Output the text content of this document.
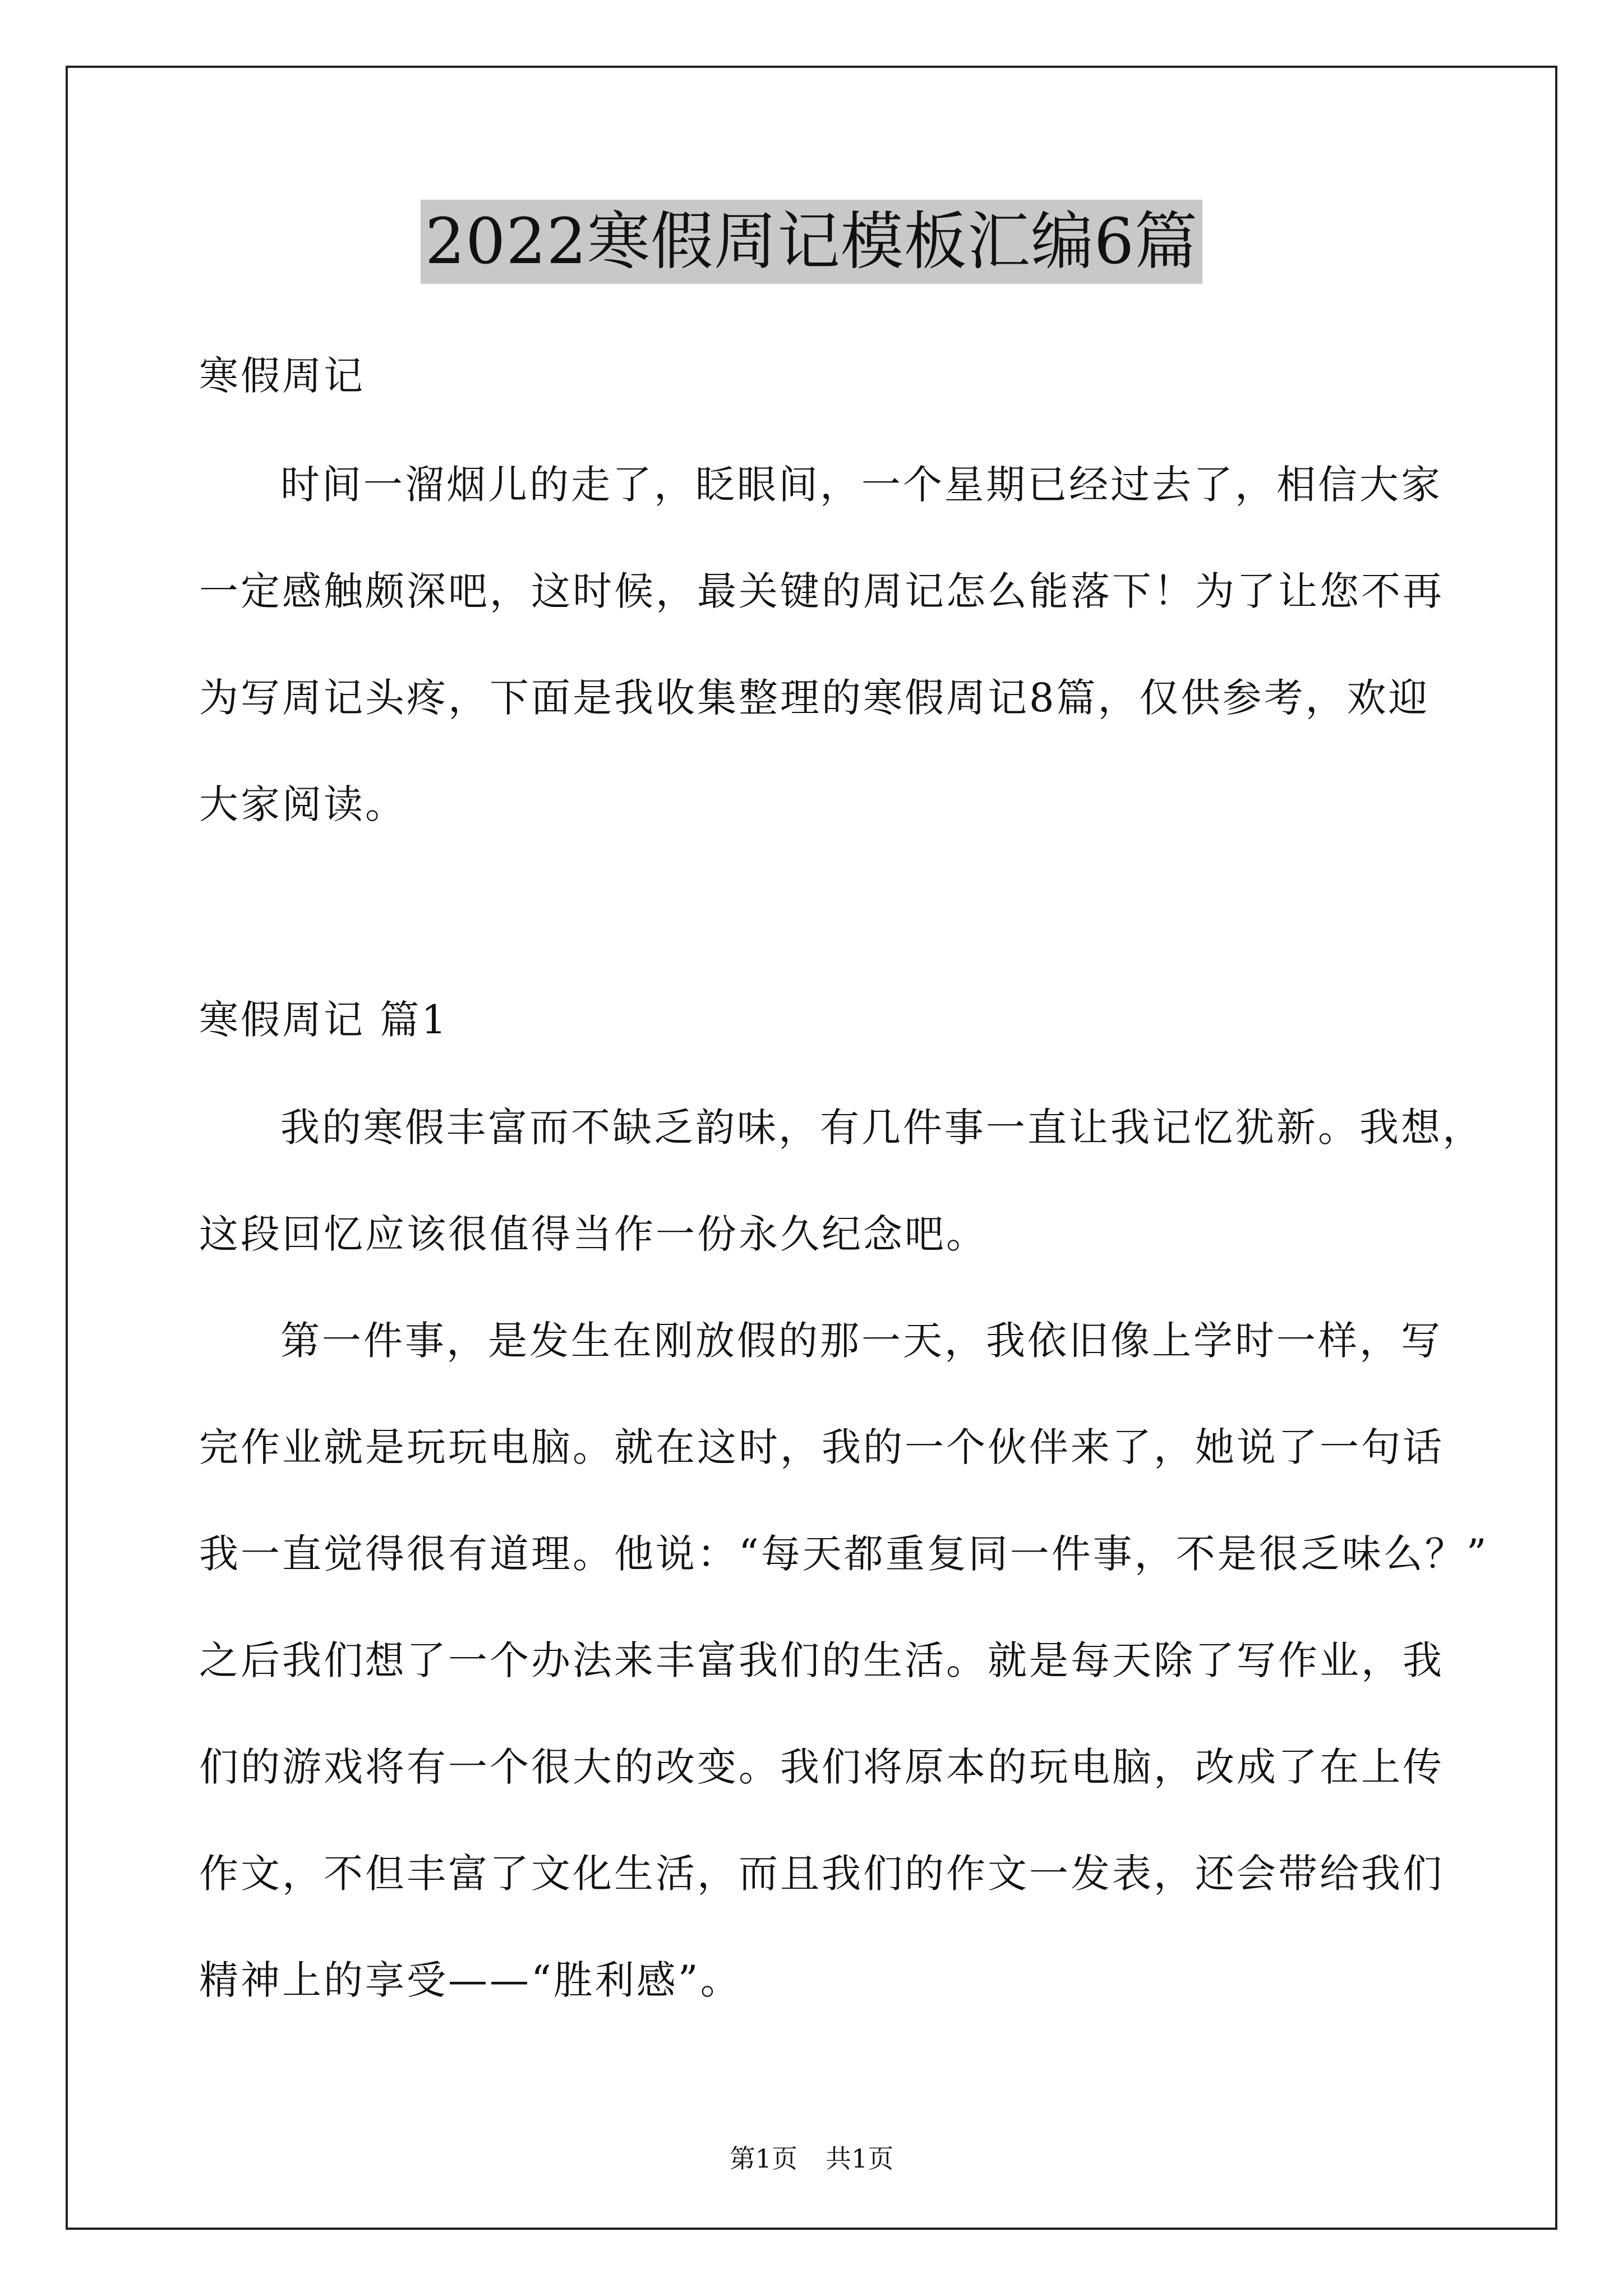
2022寒假周记模板汇编6篇
寒假周记
时间一溜烟儿的走了，眨眼间，一个星期已经过去了，相信大家
一定感触颇深吧，这时候，最关键的周记怎么能落下！为了让您不再
为写周记头疼，下面是我收集整理的寒假周记8篇，仅供参考，欢迎
大家阅读。
寒假周记 篇1
我的寒假丰富而不缺乏韵味，有几件事一直让我记忆犹新。我想，
这段回忆应该很值得当作一份永久纪念吧。
第一件事，是发生在刚放假的那一天，我依旧像上学时一样，写
完作业就是玩玩电脑。就在这时，我的一个伙伴来了，她说了一句话
我一直觉得很有道理。他说：“每天都重复同一件事，不是很乏味么？”
之后我们想了一个办法来丰富我们的生活。就是每天除了写作业，我
们的游戏将有一个很大的改变。我们将原本的玩电脑，改成了在上传
作文，不但丰富了文化生活，而且我们的作文一发表，还会带给我们
精神上的享受——“胜利感”。
第1页 共1页
